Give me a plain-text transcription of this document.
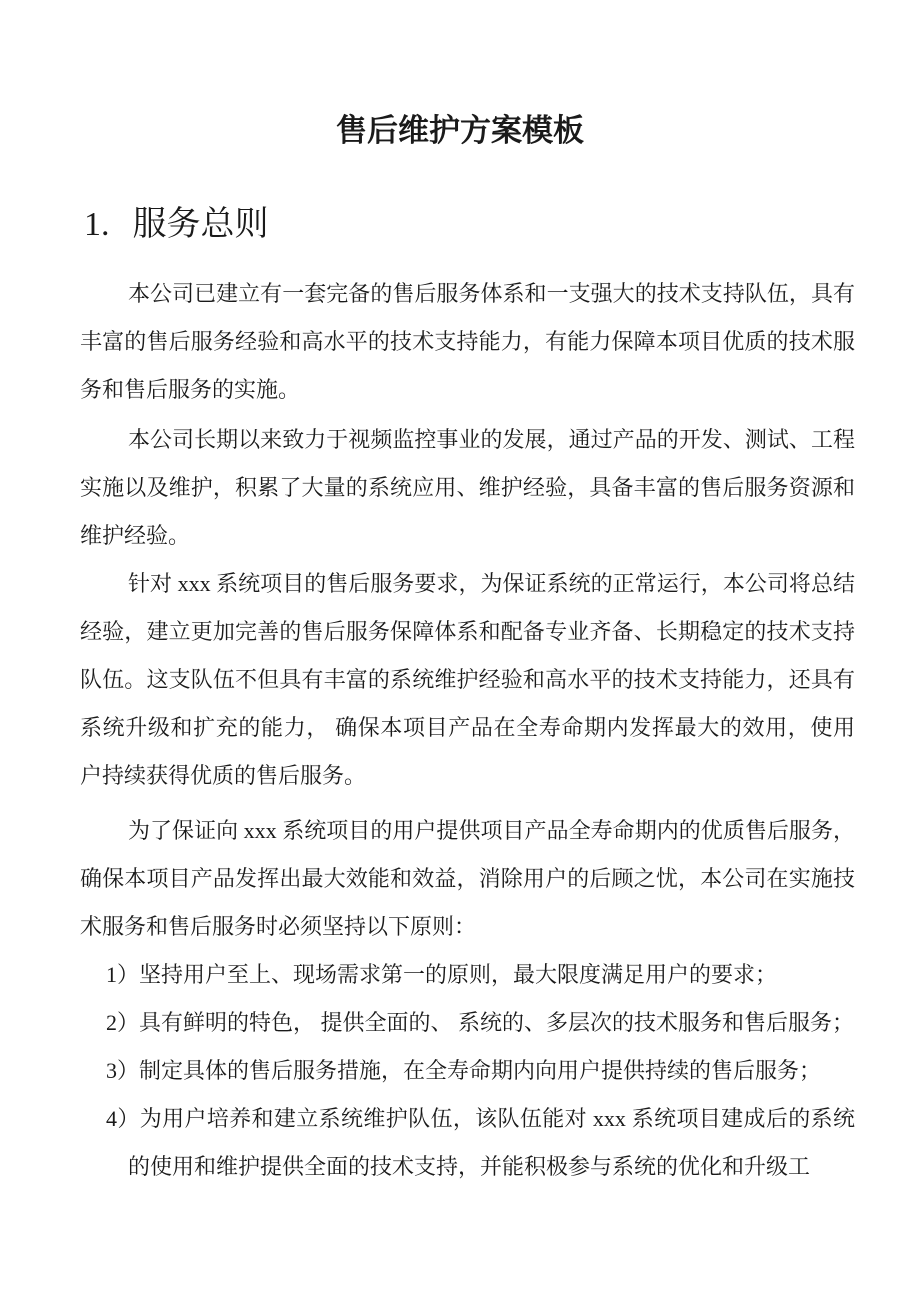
售后维护方案模板
1. 服务总则

本公司已建立有一套完备的售后服务体系和一支强大的技术支持队伍，具有丰富的售后服务经验和高水平的技术支持能力，有能力保障本项目优质的技术服务和售后服务的实施。

本公司长期以来致力于视频监控事业的发展，通过产品的开发、测试、工程实施以及维护，积累了大量的系统应用、维护经验，具备丰富的售后服务资源和维护经验。

针对 xxx 系统项目的售后服务要求，为保证系统的正常运行，本公司将总结经验，建立更加完善的售后服务保障体系和配备专业齐备、长期稳定的技术支持队伍。这支队伍不但具有丰富的系统维护经验和高水平的技术支持能力，还具有系统升级和扩充的能力， 确保本项目产品在全寿命期内发挥最大的效用，使用户持续获得优质的售后服务。

为了保证向 xxx 系统项目的用户提供项目产品全寿命期内的优质售后服务，确保本项目产品发挥出最大效能和效益，消除用户的后顾之忧，本公司在实施技术服务和售后服务时必须坚持以下原则：

1）坚持用户至上、现场需求第一的原则，最大限度满足用户的要求；
2）具有鲜明的特色， 提供全面的、 系统的、多层次的技术服务和售后服务；
3）制定具体的售后服务措施，在全寿命期内向用户提供持续的售后服务；
4）为用户培养和建立系统维护队伍，该队伍能对 xxx 系统项目建成后的系统的使用和维护提供全面的技术支持，并能积极参与系统的优化和升级工
